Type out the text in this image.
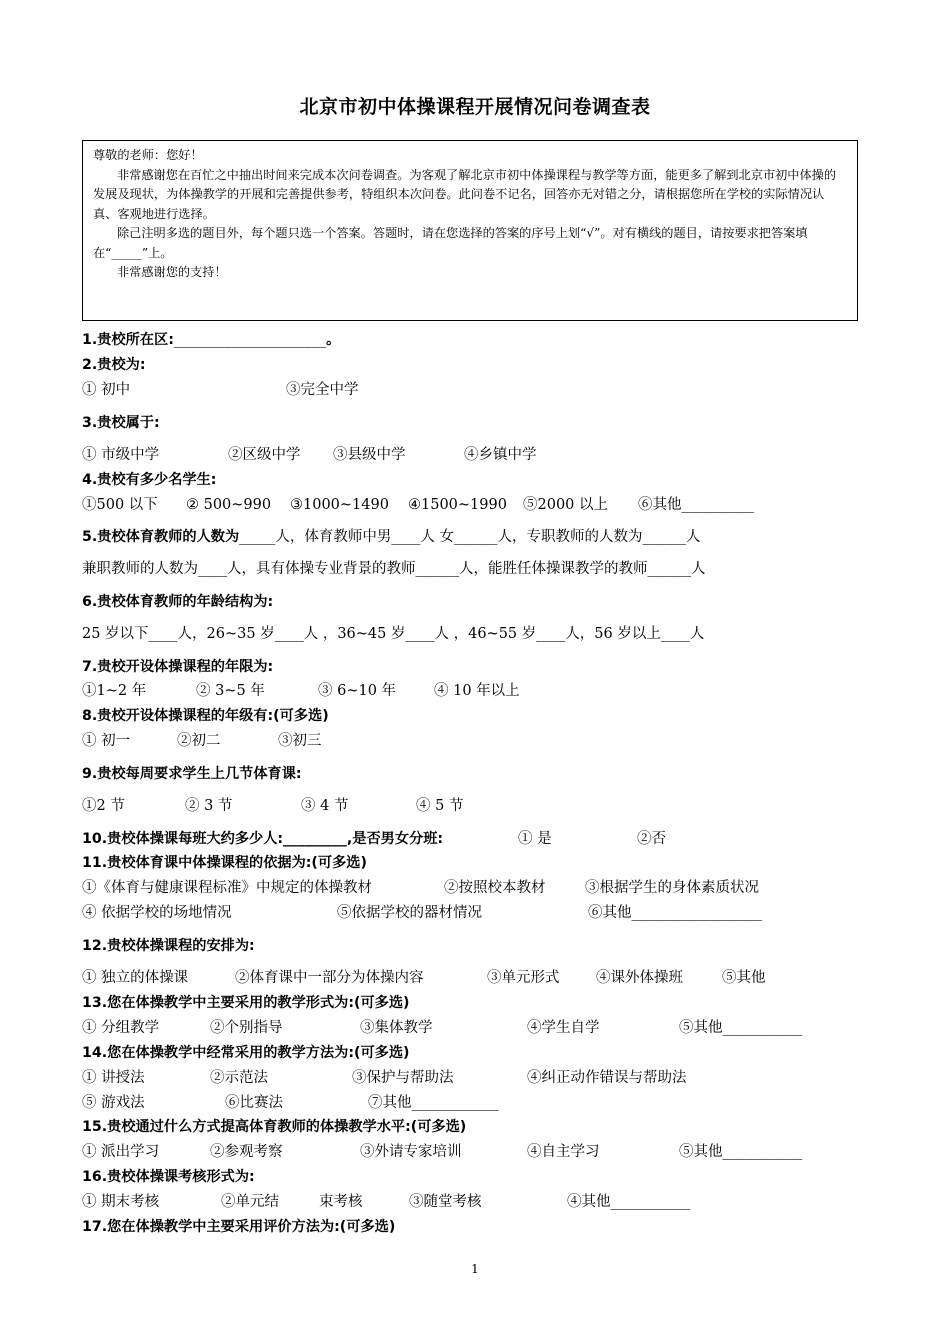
北京市初中体操课程开展情况问卷调查表

尊敬的老师：您好！

非常感谢您在百忙之中抽出时间来完成本次问卷调查。为客观了解北京市初中体操课程与教学等方面，能更多了解到北京市初中体操的发展及现状，为体操教学的开展和完善提供参考，特组织本次问卷。此问卷不记名，回答亦无对错之分，请根据您所在学校的实际情况认真、客观地进行选择。

除己注明多选的题目外，每个题只选一个答案。答题时，请在您选择的答案的序号上划“√”。对有横线的题目，请按要求把答案填在“_____”上。

非常感谢您的支持！

1.贵校所在区:_____________________。
2.贵校为:
① 初中	③完全中学
3.贵校属于:
① 市级中学	②区级中学 ③县级中学	④乡镇中学
4.贵校有多少名学生:
①500 以下 ② 500~990 ③1000~1490 ④1500~1990 ⑤2000 以上 ⑥其他__________
5.贵校体育教师的人数为_____人，体育教师中男____人 女______人，专职教师的人数为______人
兼职教师的人数为____人，具有体操专业背景的教师______人，能胜任体操课教学的教师______人
6.贵校体育教师的年龄结构为:
25 岁以下____人，26~35 岁____人 ，36~45 岁____人 ，46~55 岁____人，56 岁以上____人
7.贵校开设体操课程的年限为:
①1~2 年	② 3~5 年	③ 6~10 年	④ 10 年以上
8.贵校开设体操课程的年级有:(可多选)
① 初一	②初二	③初三
9.贵校每周要求学生上几节体育课:
①2 节	② 3 节	③ 4 节	④ 5 节
10.贵校体操课每班大约多少人:_________,是否男女分班:	① 是	②否
11.贵校体育课中体操课程的依据为:(可多选)
①《体育与健康课程标准》中规定的体操教材	②按照校本教材	③根据学生的身体素质状况
④ 依据学校的场地情况	⑤依据学校的器材情况	⑥其他__________________
12.贵校体操课程的安排为:
① 独立的体操课	②体育课中一部分为体操内容	③单元形式	④课外体操班	⑤其他
13.您在体操教学中主要采用的教学形式为:(可多选)
① 分组教学	②个别指导	③集体教学	④学生自学	⑤其他___________
14.您在体操教学中经常采用的教学方法为:(可多选)
① 讲授法	②示范法	③保护与帮助法	④纠正动作错误与帮助法
⑤ 游戏法	⑥比赛法	⑦其他____________
15.贵校通过什么方式提高体育教师的体操教学水平:(可多选)
① 派出学习	②参观考察	③外请专家培训	④自主学习	⑤其他___________
16.贵校体操课考核形式为:
① 期末考核	②单元结	束考核	③随堂考核	④其他___________
17.您在体操教学中主要采用评价方法为:(可多选)
1
